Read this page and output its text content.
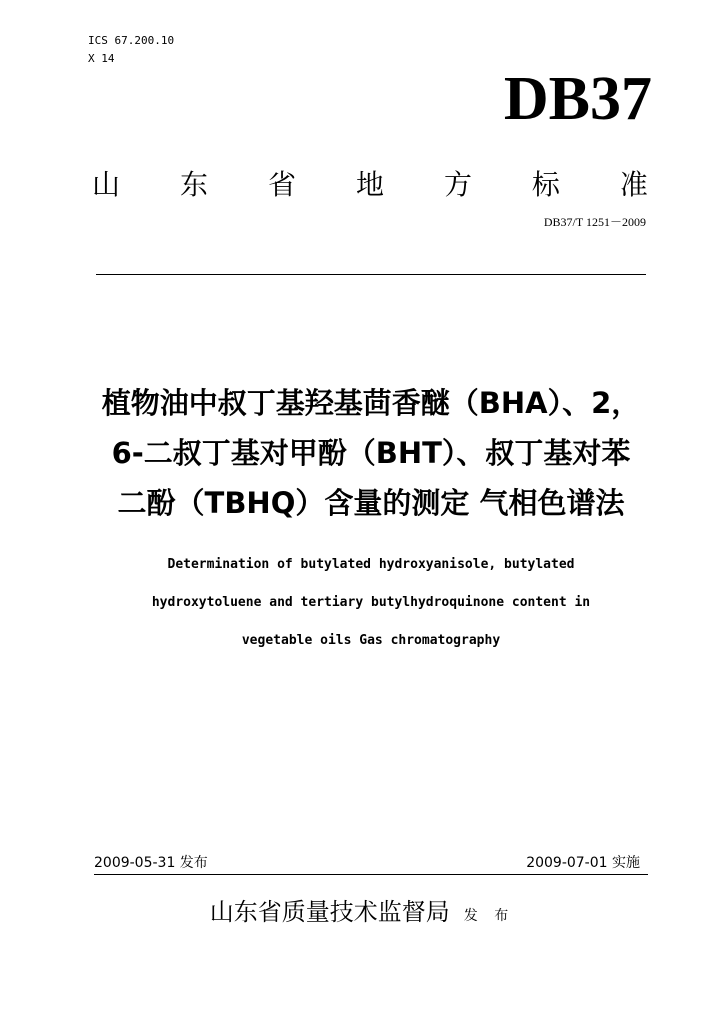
ICS 67.200.10
X 14
DB37
山 东 省 地 方 标 准
DB37/T 1251－2009
植物油中叔丁基羟基茴香醚（BHA）、2，
6-二叔丁基对甲酚（BHT）、叔丁基对苯
二酚（TBHQ）含量的测定 气相色谱法
Determination of butylated hydroxyanisole, butylated
hydroxytoluene and tertiary butylhydroquinone content in
vegetable oils Gas chromatography
2009-05-31 发布	2009-07-01 实施
山东省质量技术监督局 发 布
